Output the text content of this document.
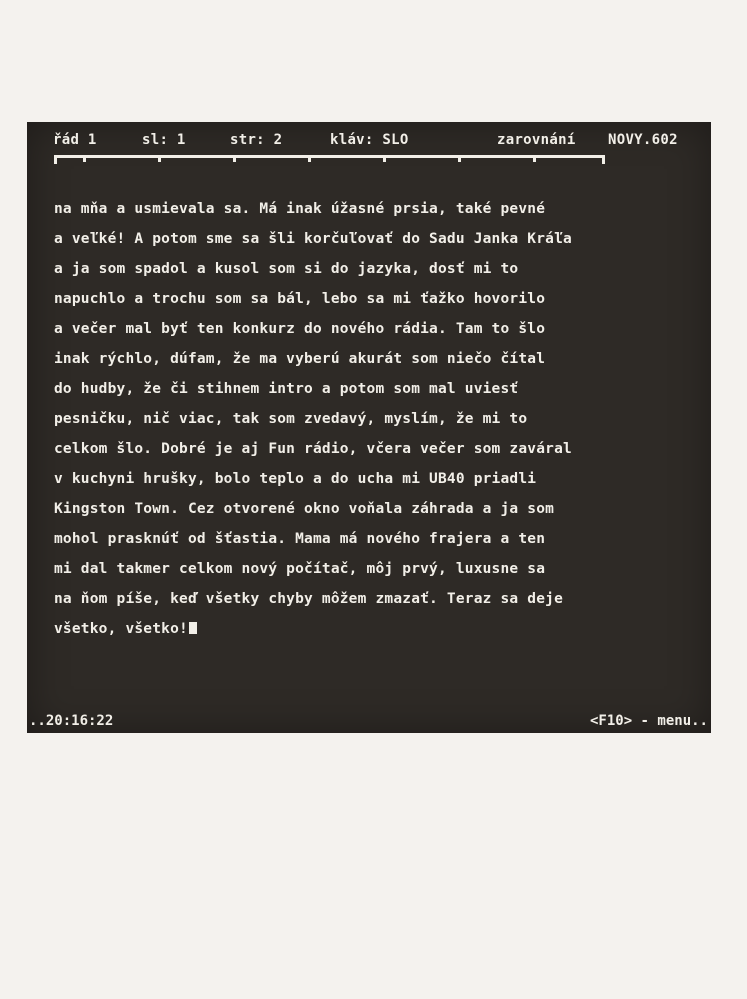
řád 1	sl: 1	str: 2	kláv: SLO	zarovnání NOVY.602
na mňa a usmievala sa. Má inak úžasné prsia, také pevné
a veľké! A potom sme sa šli korčuľovať do Sadu Janka Kráľa
a ja som spadol a kusol som si do jazyka, dosť mi to
napuchlo a trochu som sa bál, lebo sa mi ťažko hovorilo
a večer mal byť ten konkurz do nového rádia. Tam to šlo
inak rýchlo, dúfam, že ma vyberú akurát som niečo čítal
do hudby, že či stihnem intro a potom som mal uviesť
pesničku, nič viac, tak som zvedavý, myslím, že mi to
celkom šlo. Dobré je aj Fun rádio, včera večer som zaváral
v kuchyni hrušky, bolo teplo a do ucha mi UB40 priadli
Kingston Town. Cez otvorené okno voňala záhrada a ja som
mohol prasknúť od šťastia. Mama má nového frajera a ten
mi dal takmer celkom nový počítač, môj prvý, luxusne sa
na ňom píše, keď všetky chyby môžem zmazať. Teraz sa deje
všetko, všetko!
..20:16:22	<F10> - menu..
